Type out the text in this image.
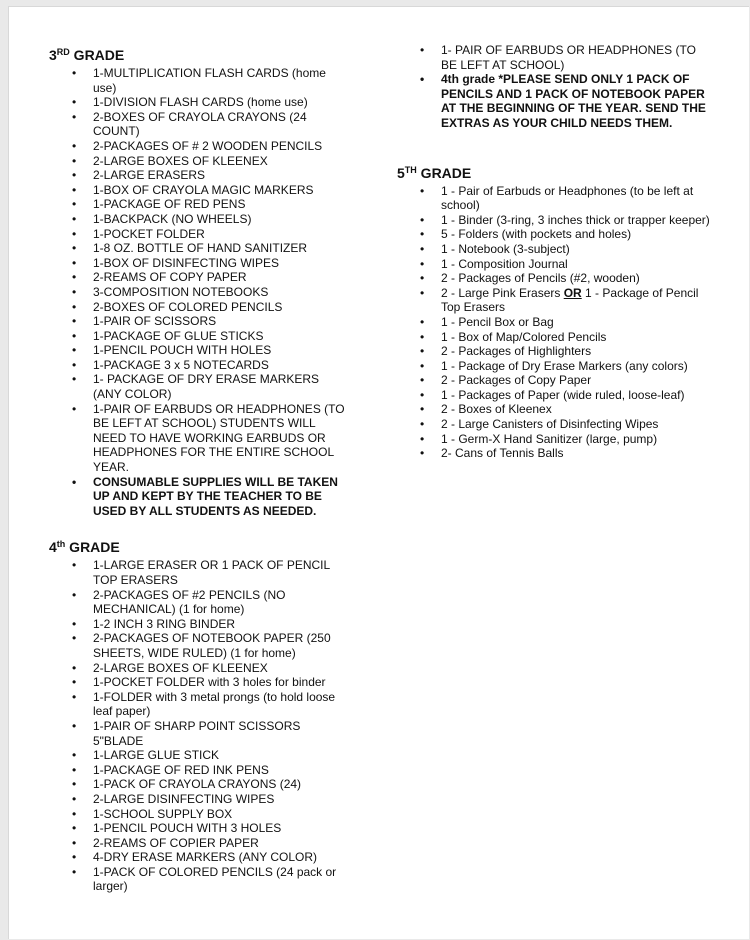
3RD GRADE
• 1-MULTIPLICATION FLASH CARDS (home use)
• 1-DIVISION FLASH CARDS (home use)
• 2-BOXES OF CRAYOLA CRAYONS (24 COUNT)
• 2-PACKAGES OF # 2 WOODEN PENCILS
• 2-LARGE BOXES OF KLEENEX
• 2-LARGE ERASERS
• 1-BOX OF CRAYOLA MAGIC MARKERS
• 1-PACKAGE OF RED PENS
• 1-BACKPACK (NO WHEELS)
• 1-POCKET FOLDER
• 1-8 OZ. BOTTLE OF HAND SANITIZER
• 1-BOX OF DISINFECTING WIPES
• 2-REAMS OF COPY PAPER
• 3-COMPOSITION NOTEBOOKS
• 2-BOXES OF COLORED PENCILS
• 1-PAIR OF SCISSORS
• 1-PACKAGE OF GLUE STICKS
• 1-PENCIL POUCH WITH HOLES
• 1-PACKAGE 3 x 5 NOTECARDS
• 1- PACKAGE OF DRY ERASE MARKERS (ANY COLOR)
• 1-PAIR OF EARBUDS OR HEADPHONES (TO BE LEFT AT SCHOOL) STUDENTS WILL NEED TO HAVE WORKING EARBUDS OR HEADPHONES FOR THE ENTIRE SCHOOL YEAR.
• CONSUMABLE SUPPLIES WILL BE TAKEN UP AND KEPT BY THE TEACHER TO BE USED BY ALL STUDENTS AS NEEDED.
4th GRADE
• 1-LARGE ERASER OR 1 PACK OF PENCIL TOP ERASERS
• 2-PACKAGES OF #2 PENCILS (NO MECHANICAL) (1 for home)
• 1-2 INCH 3 RING BINDER
• 2-PACKAGES OF NOTEBOOK PAPER (250 SHEETS, WIDE RULED) (1 for home)
• 2-LARGE BOXES OF KLEENEX
• 1-POCKET FOLDER with 3 holes for binder
• 1-FOLDER with 3 metal prongs (to hold loose leaf paper)
• 1-PAIR OF SHARP POINT SCISSORS 5"BLADE
• 1-LARGE GLUE STICK
• 1-PACKAGE OF RED INK PENS
• 1-PACK OF CRAYOLA CRAYONS (24)
• 2-LARGE DISINFECTING WIPES
• 1-SCHOOL SUPPLY BOX
• 1-PENCIL POUCH WITH 3 HOLES
• 2-REAMS OF COPIER PAPER
• 4-DRY ERASE MARKERS (ANY COLOR)
• 1-PACK OF COLORED PENCILS (24 pack or larger)
• 1- PAIR OF EARBUDS OR HEADPHONES (TO BE LEFT AT SCHOOL)
• 4th grade *PLEASE SEND ONLY 1 PACK OF PENCILS AND 1 PACK OF NOTEBOOK PAPER AT THE BEGINNING OF THE YEAR. SEND THE EXTRAS AS YOUR CHILD NEEDS THEM.
5TH GRADE
• 1 - Pair of Earbuds or Headphones (to be left at school)
• 1 - Binder (3-ring, 3 inches thick or trapper keeper)
• 5 - Folders (with pockets and holes)
• 1 - Notebook (3-subject)
• 1 - Composition Journal
• 2 - Packages of Pencils (#2, wooden)
• 2 - Large Pink Erasers OR 1 - Package of Pencil Top Erasers
• 1 - Pencil Box or Bag
• 1 - Box of Map/Colored Pencils
• 2 - Packages of Highlighters
• 1 - Package of Dry Erase Markers (any colors)
• 2 - Packages of Copy Paper
• 1 - Packages of Paper (wide ruled, loose-leaf)
• 2 - Boxes of Kleenex
• 2 - Large Canisters of Disinfecting Wipes
• 1 - Germ-X Hand Sanitizer (large, pump)
• 2- Cans of Tennis Balls
